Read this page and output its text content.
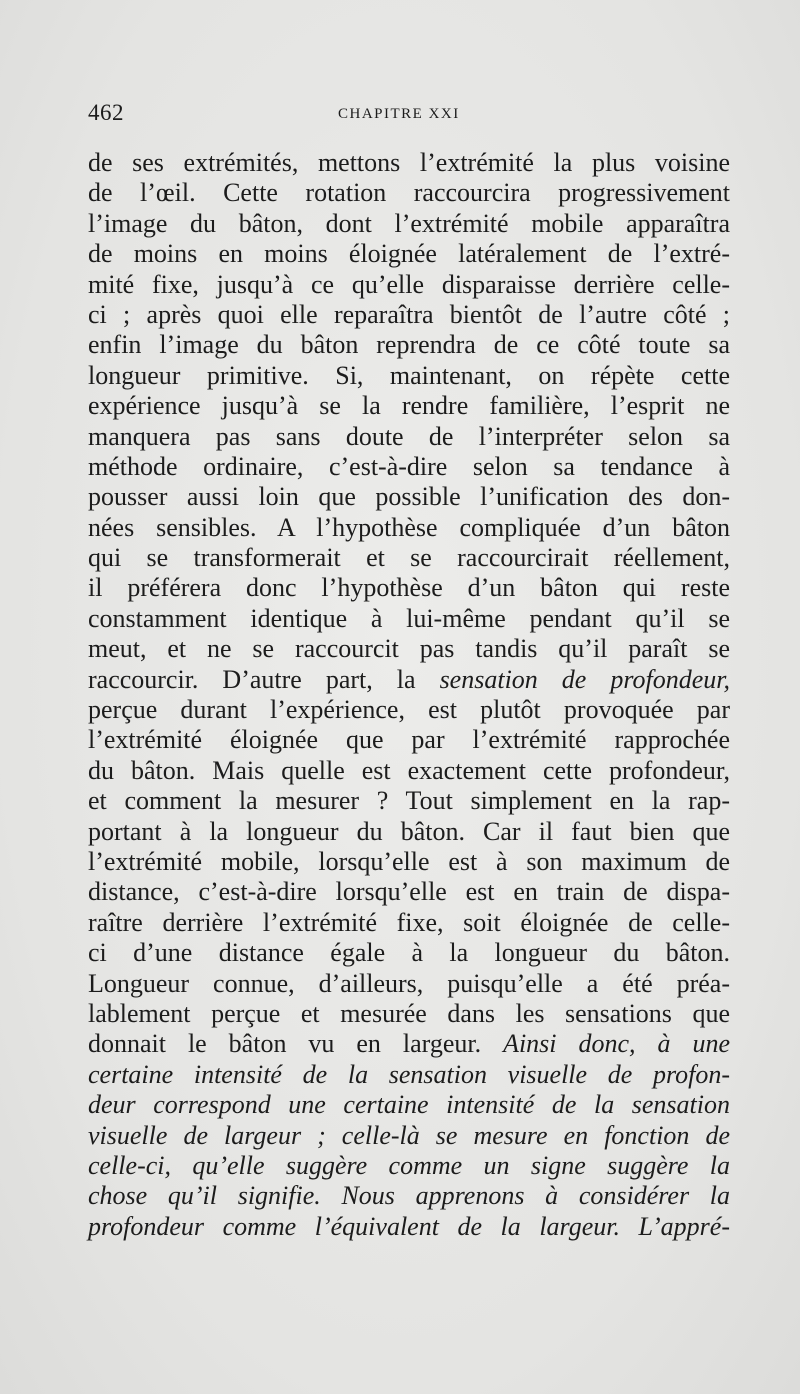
462	CHAPITRE XXI
de ses extrémités, mettons l’extrémité la plus voisine
de l’œil. Cette rotation raccourcira progressivement
l’image du bâton, dont l’extrémité mobile apparaîtra
de moins en moins éloignée latéralement de l’extré-
mité fixe, jusqu’à ce qu’elle disparaisse derrière celle-
ci ; après quoi elle reparaîtra bientôt de l’autre côté ;
enfin l’image du bâton reprendra de ce côté toute sa
longueur primitive. Si, maintenant, on répète cette
expérience jusqu’à se la rendre familière, l’esprit ne
manquera pas sans doute de l’interpréter selon sa
méthode ordinaire, c’est-à-dire selon sa tendance à
pousser aussi loin que possible l’unification des don-
nées sensibles. A l’hypothèse compliquée d’un bâton
qui se transformerait et se raccourcirait réellement,
il préférera donc l’hypothèse d’un bâton qui reste
constamment identique à lui-même pendant qu’il se
meut, et ne se raccourcit pas tandis qu’il paraît se
raccourcir. D’autre part, la sensation de profondeur,
perçue durant l’expérience, est plutôt provoquée par
l’extrémité éloignée que par l’extrémité rapprochée
du bâton. Mais quelle est exactement cette profondeur,
et comment la mesurer ? Tout simplement en la rap-
portant à la longueur du bâton. Car il faut bien que
l’extrémité mobile, lorsqu’elle est à son maximum de
distance, c’est-à-dire lorsqu’elle est en train de dispa-
raître derrière l’extrémité fixe, soit éloignée de celle-
ci d’une distance égale à la longueur du bâton.
Longueur connue, d’ailleurs, puisqu’elle a été préa-
lablement perçue et mesurée dans les sensations que
donnait le bâton vu en largeur. Ainsi donc, à une
certaine intensité de la sensation visuelle de profon-
deur correspond une certaine intensité de la sensation
visuelle de largeur ; celle-là se mesure en fonction de
celle-ci, qu’elle suggère comme un signe suggère la
chose qu’il signifie. Nous apprenons à considérer la
profondeur comme l’équivalent de la largeur. L’appré-
